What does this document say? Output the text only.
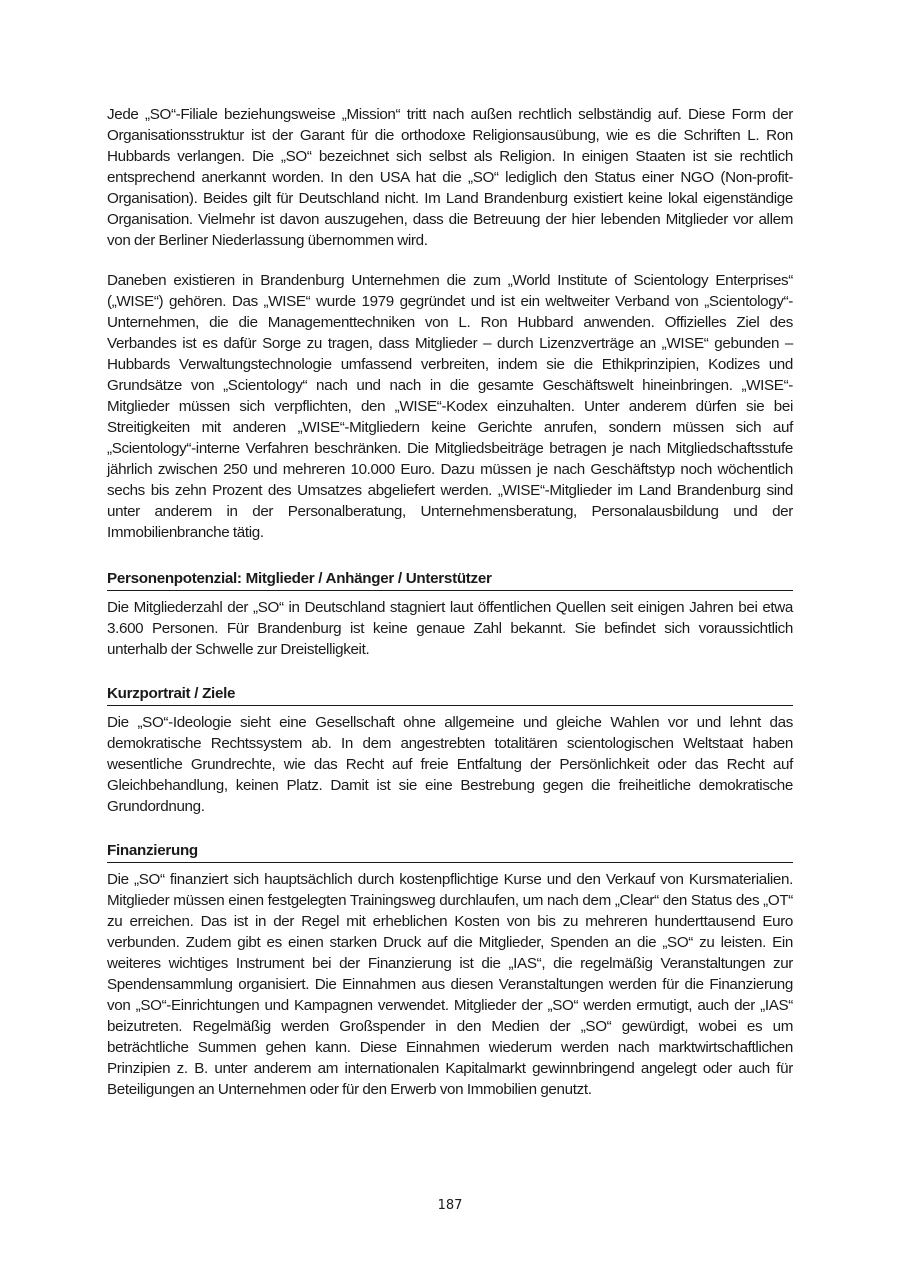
Jede „SO“-Filiale beziehungsweise „Mission“ tritt nach außen rechtlich selbständig auf. Diese Form der Organisationsstruktur ist der Garant für die orthodoxe Religionsausübung, wie es die Schriften L. Ron Hubbards verlangen. Die „SO“ bezeichnet sich selbst als Religion. In einigen Staaten ist sie rechtlich entsprechend anerkannt worden. In den USA hat die „SO“ lediglich den Status einer NGO (Non-profit-Organisation). Beides gilt für Deutschland nicht. Im Land Brandenburg existiert keine lokal eigenständige Organisation. Vielmehr ist davon auszugehen, dass die Betreuung der hier lebenden Mitglieder vor allem von der Berliner Niederlassung übernommen wird.

Daneben existieren in Brandenburg Unternehmen die zum „World Institute of Scientology Enterprises“ („WISE“) gehören. Das „WISE“ wurde 1979 gegründet und ist ein weltweiter Verband von „Scientology“-Unternehmen, die die Managementtechniken von L. Ron Hubbard anwenden. Offizielles Ziel des Verbandes ist es dafür Sorge zu tragen, dass Mitglieder – durch Lizenzverträge an „WISE“ gebunden – Hubbards Verwaltungstechnologie umfassend verbreiten, indem sie die Ethikprinzipien, Kodizes und Grundsätze von „Scientology“ nach und nach in die gesamte Geschäftswelt hineinbringen. „WISE“-Mitglieder müssen sich verpflichten, den „WISE“-Kodex einzuhalten. Unter anderem dürfen sie bei Streitigkeiten mit anderen „WISE“-Mitgliedern keine Gerichte anrufen, sondern müssen sich auf „Scientology“-interne Verfahren beschränken. Die Mitgliedsbeiträge betragen je nach Mitgliedschaftsstufe jährlich zwischen 250 und mehreren 10.000 Euro. Dazu müssen je nach Geschäftstyp noch wöchentlich sechs bis zehn Prozent des Umsatzes abgeliefert werden. „WISE“-Mitglieder im Land Brandenburg sind unter anderem in der Personalberatung, Unternehmensberatung, Personalausbildung und der Immobilienbranche tätig.

Personenpotenzial: Mitglieder / Anhänger / Unterstützer

Die Mitgliederzahl der „SO“ in Deutschland stagniert laut öffentlichen Quellen seit einigen Jahren bei etwa 3.600 Personen. Für Brandenburg ist keine genaue Zahl bekannt. Sie befindet sich voraussichtlich unterhalb der Schwelle zur Dreistelligkeit.

Kurzportrait / Ziele

Die „SO“-Ideologie sieht eine Gesellschaft ohne allgemeine und gleiche Wahlen vor und lehnt das demokratische Rechtssystem ab. In dem angestrebten totalitären scientologischen Weltstaat haben wesentliche Grundrechte, wie das Recht auf freie Entfaltung der Persönlichkeit oder das Recht auf Gleichbehandlung, keinen Platz. Damit ist sie eine Bestrebung gegen die freiheitliche demokratische Grundordnung.

Finanzierung

Die „SO“ finanziert sich hauptsächlich durch kostenpflichtige Kurse und den Verkauf von Kursmaterialien. Mitglieder müssen einen festgelegten Trainingsweg durchlaufen, um nach dem „Clear“ den Status des „OT“ zu erreichen. Das ist in der Regel mit erheblichen Kosten von bis zu mehreren hunderttausend Euro verbunden. Zudem gibt es einen starken Druck auf die Mitglieder, Spenden an die „SO“ zu leisten. Ein weiteres wichtiges Instrument bei der Finanzierung ist die „IAS“, die regelmäßig Veranstaltungen zur Spendensammlung organisiert. Die Einnahmen aus diesen Veranstaltungen werden für die Finanzierung von „SO“-Einrichtungen und Kampagnen verwendet. Mitglieder der „SO“ werden ermutigt, auch der „IAS“ beizutreten. Regelmäßig werden Großspender in den Medien der „SO“ gewürdigt, wobei es um beträchtliche Summen gehen kann. Diese Einnahmen wiederum werden nach marktwirtschaftlichen Prinzipien z. B. unter anderem am internationalen Kapitalmarkt gewinnbringend angelegt oder auch für Beteiligungen an Unternehmen oder für den Erwerb von Immobilien genutzt.

187
